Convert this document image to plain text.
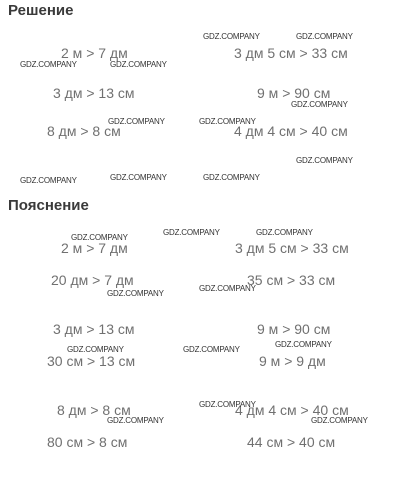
Решение
2 м > 7 дм	3 дм 5 см > 33 см
3 дм > 13 см	9 м > 90 см
8 дм > 8 см	4 дм 4 см > 40 см
Пояснение
2 м > 7 дм	3 дм 5 см > 33 см
20 дм > 7 дм	35 см > 33 см
3 дм > 13 см	9 м > 90 см
30 см > 13 см	9 м > 9 дм
8 дм > 8 см	4 дм 4 см > 40 см
80 см > 8 см	44 см > 40 см
GDZ.COMPANY	GDZ.COMPANY
GDZ.COMPANY	GDZ.COMPANY
GDZ.COMPANY
GDZ.COMPANY	GDZ.COMPANY
GDZ.COMPANY
GDZ.COMPANY	GDZ.COMPANY	GDZ.COMPANY
GDZ.COMPANY
GDZ.COMPANY	GDZ.COMPANY
GDZ.COMPANY
GDZ.COMPANY
GDZ.COMPANY	GDZ.COMPANY
GDZ.COMPANY
GDZ.COMPANY
GDZ.COMPANY	GDZ.COMPANY
